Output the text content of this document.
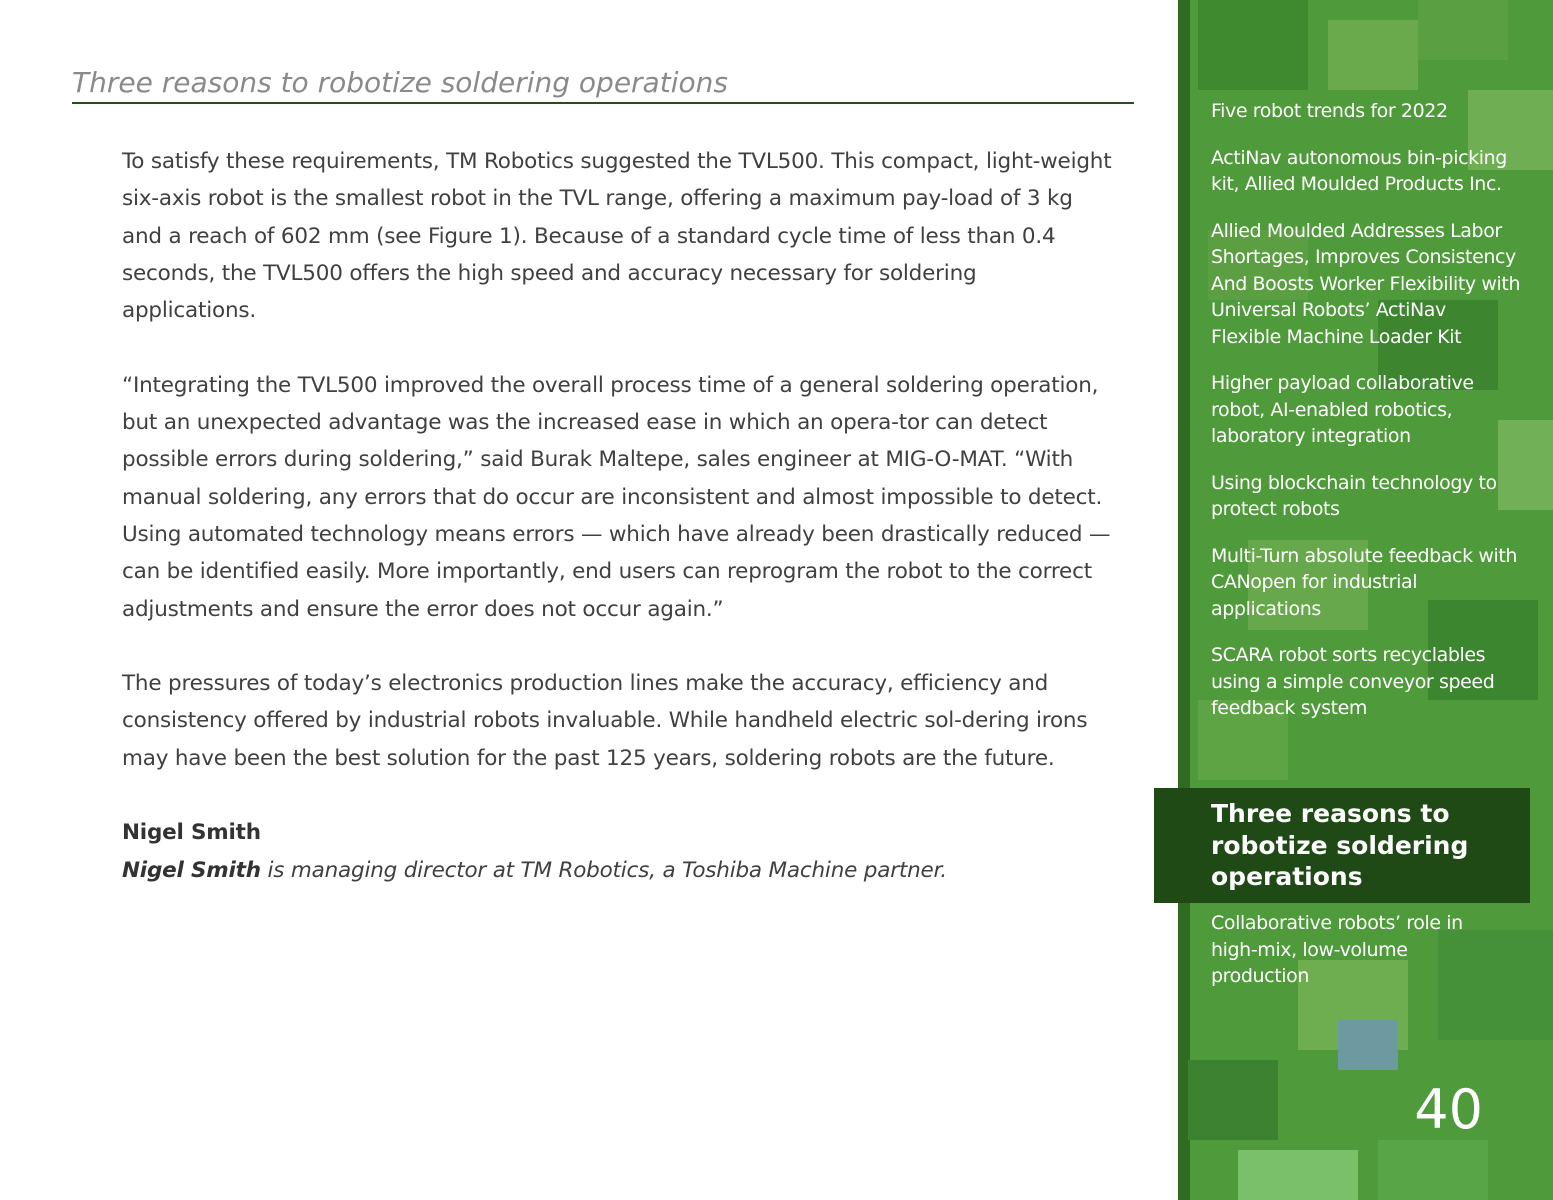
Three reasons to robotize soldering operations

To satisfy these requirements, TM Robotics suggested the TVL500. This compact, light-weight six-axis robot is the smallest robot in the TVL range, offering a maximum pay-load of 3 kg and a reach of 602 mm (see Figure 1). Because of a standard cycle time of less than 0.4 seconds, the TVL500 offers the high speed and accuracy necessary for soldering applications.

“Integrating the TVL500 improved the overall process time of a general soldering operation, but an unexpected advantage was the increased ease in which an opera-tor can detect possible errors during soldering,” said Burak Maltepe, sales engineer at MIG-O-MAT. “With manual soldering, any errors that do occur are inconsistent and almost impossible to detect. Using automated technology means errors — which have already been drastically reduced — can be identified easily. More importantly, end users can reprogram the robot to the correct adjustments and ensure the error does not occur again.”

The pressures of today’s electronics production lines make the accuracy, efficiency and consistency offered by industrial robots invaluable. While handheld electric sol-dering irons may have been the best solution for the past 125 years, soldering robots are the future.

Nigel Smith
Nigel Smith is managing director at TM Robotics, a Toshiba Machine partner.
Five robot trends for 2022
ActiNav autonomous bin-picking kit, Allied Moulded Products Inc.
Allied Moulded Addresses Labor Shortages, Improves Consistency And Boosts Worker Flexibility with Universal Robots’ ActiNav Flexible Machine Loader Kit
Higher payload collaborative robot, AI-enabled robotics, laboratory integration
Using blockchain technology to protect robots
Multi-Turn absolute feedback with CANopen for industrial applications
SCARA robot sorts recyclables using a simple conveyor speed feedback system
Three reasons to robotize soldering operations
Collaborative robots’ role in high-mix, low-volume production
40
